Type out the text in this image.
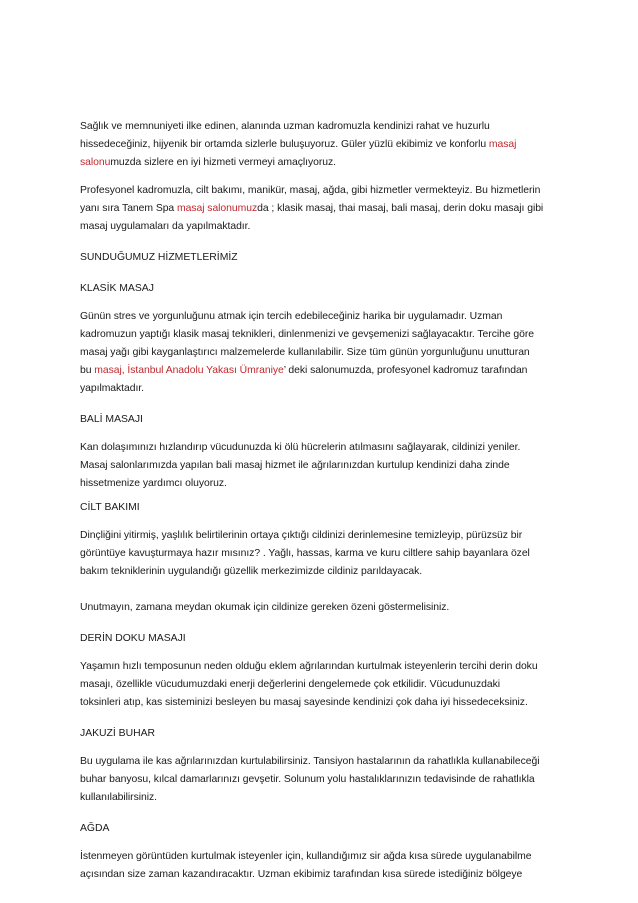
Sağlık ve memnuniyeti ilke edinen, alanında uzman kadromuzla kendinizi rahat ve huzurlu

hissedeceğiniz, hijyenik bir ortamda sizlerle buluşuyoruz. Güler yüzlü ekibimiz ve konforlu masaj

salonumuzda sizlere en iyi hizmeti vermeyi amaçlıyoruz.

Profesyonel kadromuzla, cilt bakımı, manikür, masaj, ağda, gibi hizmetler vermekteyiz. Bu hizmetlerin

yanı sıra Tanem Spa masaj salonumuzda ; klasik masaj, thai masaj, bali masaj, derin doku masajı gibi

masaj uygulamaları da yapılmaktadır.

SUNDUĞUMUZ HİZMETLERİMİZ

KLASİK MASAJ

Günün stres ve yorgunluğunu atmak için tercih edebileceğiniz harika bir uygulamadır. Uzman

kadromuzun yaptığı klasik masaj teknikleri, dinlenmenizi ve gevşemenizi sağlayacaktır. Tercihe göre

masaj yağı gibi kayganlaştırıcı malzemelerde kullanılabilir. Size tüm günün yorgunluğunu unutturan

bu masaj, İstanbul Anadolu Yakası Ümraniye’ deki salonumuzda, profesyonel kadromuz tarafından

yapılmaktadır.

BALİ MASAJI

Kan dolaşımınızı hızlandırıp vücudunuzda ki ölü hücrelerin atılmasını sağlayarak, cildinizi yeniler.

Masaj salonlarımızda yapılan bali masaj hizmet ile ağrılarınızdan kurtulup kendinizi daha zinde

hissetmenize yardımcı oluyoruz.

CİLT BAKIMI

Dinçliğini yitirmiş, yaşlılık belirtilerinin ortaya çıktığı cildinizi derinlemesine temizleyip, pürüzsüz bir

görüntüye kavuşturmaya hazır mısınız? . Yağlı, hassas, karma ve kuru ciltlere sahip bayanlara özel

bakım tekniklerinin uygulandığı güzellik merkezimizde cildiniz parıldayacak.

Unutmayın, zamana meydan okumak için cildinize gereken özeni göstermelisiniz.

DERİN DOKU MASAJI

Yaşamın hızlı temposunun neden olduğu eklem ağrılarından kurtulmak isteyenlerin tercihi derin doku

masajı, özellikle vücudumuzdaki enerji değerlerini dengelemede çok etkilidir. Vücudunuzdaki

toksinleri atıp, kas sisteminizi besleyen bu masaj sayesinde kendinizi çok daha iyi hissedeceksiniz.

JAKUZİ BUHAR

Bu uygulama ile kas ağrılarınızdan kurtulabilirsiniz. Tansiyon hastalarının da rahatlıkla kullanabileceği

buhar banyosu, kılcal damarlarınızı gevşetir. Solunum yolu hastalıklarınızın tedavisinde de rahatlıkla

kullanılabilirsiniz.

AĞDA

İstenmeyen görüntüden kurtulmak isteyenler için, kullandığımız sir ağda kısa sürede uygulanabilme

açısından size zaman kazandıracaktır. Uzman ekibimiz tarafından kısa sürede istediğiniz bölgeye
